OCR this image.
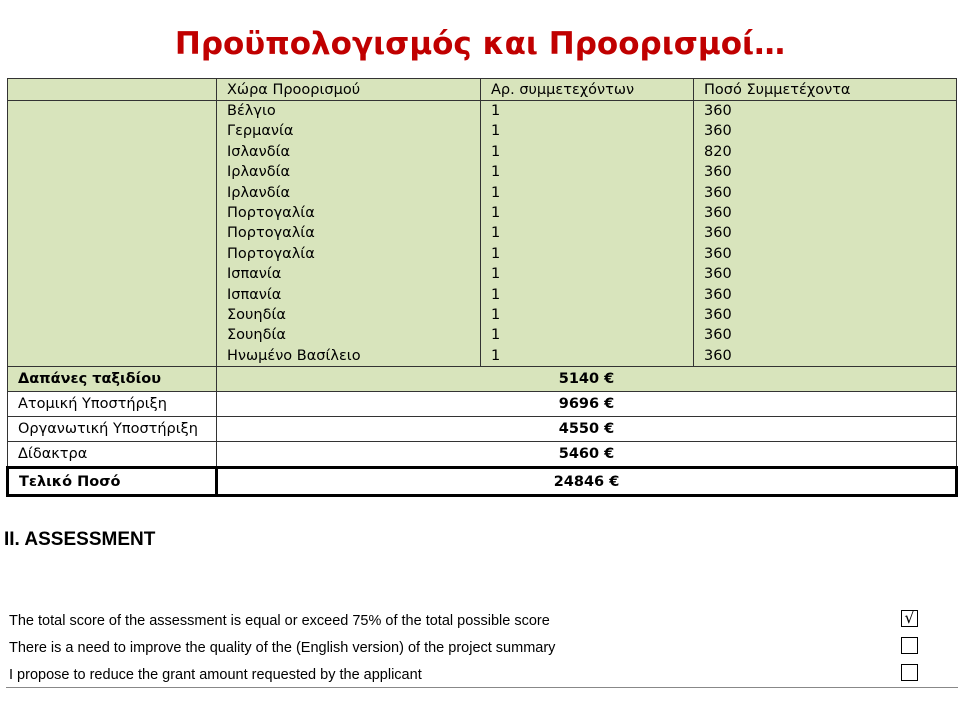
Προϋπολογισμός και Προορισμοί…
	Χώρα Προορισμού	Αρ. συμμετεχόντων	Ποσό Συμμετέχοντα
	Βέλγιο	1	360
	Γερμανία	1	360
	Ισλανδία	1	820
	Ιρλανδία	1	360
	Ιρλανδία	1	360
	Πορτογαλία	1	360
	Πορτογαλία	1	360
	Πορτογαλία	1	360
	Ισπανία	1	360
	Ισπανία	1	360
	Σουηδία	1	360
	Σουηδία	1	360
	Ηνωμένο Βασίλειο	1	360
Δαπάνες ταξιδίου	5140 €		
Ατομική Υποστήριξη	9696 €		
Οργανωτική Υποστήριξη	4550 €		
Δίδακτρα	5460 €		
Τελικό Ποσό	24846 €		
II. ASSESSMENT
The total score of the assessment is equal or exceed 75% of the total possible score	√
There is a need to improve the quality of the (English version) of the project summary
I propose to reduce the grant amount requested by the applicant
